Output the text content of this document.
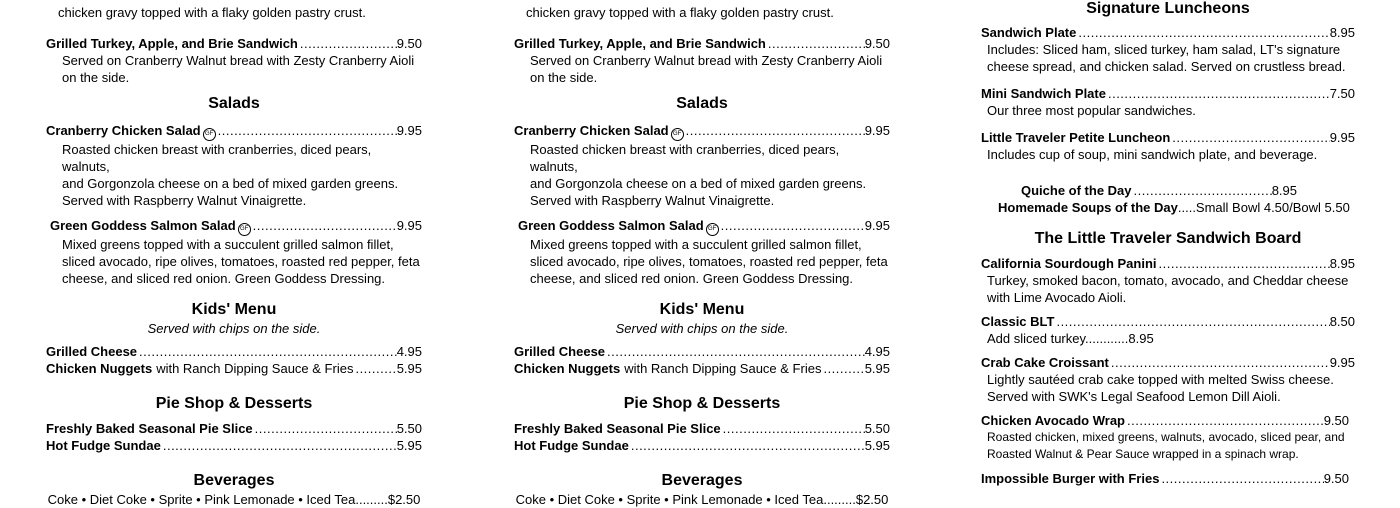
chicken gravy topped with a flaky golden pastry crust.
Grilled Turkey, Apple, and Brie Sandwich .....	9.50
Served on Cranberry Walnut bread with Zesty Cranberry Aioli
on the side.
Salads
Cranberry Chicken Salad GF .....	9.95
Roasted chicken breast with cranberries, diced pears, walnuts,
and Gorgonzola cheese on a bed of mixed garden greens.
Served with Raspberry Walnut Vinaigrette.
Green Goddess Salmon Salad GF .....	9.95
Mixed greens topped with a succulent grilled salmon fillet,
sliced avocado, ripe olives, tomatoes, roasted red pepper, feta
cheese, and sliced red onion. Green Goddess Dressing.
Kids' Menu
Served with chips on the side.
Grilled Cheese .....	4.95
Chicken Nuggets with Ranch Dipping Sauce & Fries .....	5.95
Pie Shop & Desserts
Freshly Baked Seasonal Pie Slice .....	5.50
Hot Fudge Sundae .....	5.95
Beverages
Coke • Diet Coke • Sprite • Pink Lemonade • Iced Tea.........$2.50
chicken gravy topped with a flaky golden pastry crust.
Grilled Turkey, Apple, and Brie Sandwich .....	9.50
Served on Cranberry Walnut bread with Zesty Cranberry Aioli
on the side.
Salads
Cranberry Chicken Salad GF .....	9.95
Roasted chicken breast with cranberries, diced pears, walnuts,
and Gorgonzola cheese on a bed of mixed garden greens.
Served with Raspberry Walnut Vinaigrette.
Green Goddess Salmon Salad GF .....	9.95
Mixed greens topped with a succulent grilled salmon fillet,
sliced avocado, ripe olives, tomatoes, roasted red pepper, feta
cheese, and sliced red onion. Green Goddess Dressing.
Kids' Menu
Served with chips on the side.
Grilled Cheese .....	4.95
Chicken Nuggets with Ranch Dipping Sauce & Fries .....	5.95
Pie Shop & Desserts
Freshly Baked Seasonal Pie Slice .....	5.50
Hot Fudge Sundae .....	5.95
Beverages
Coke • Diet Coke • Sprite • Pink Lemonade • Iced Tea.........$2.50
Signature Luncheons
Sandwich Plate .....	8.95
Includes: Sliced ham, sliced turkey, ham salad, LT's signature
cheese spread, and chicken salad. Served on crustless bread.
Mini Sandwich Plate .....	7.50
Our three most popular sandwiches.
Little Traveler Petite Luncheon .....	9.95
Includes cup of soup, mini sandwich plate, and beverage.
Quiche of the Day .....	8.95
Homemade Soups of the Day .....Small Bowl 4.50/Bowl 5.50
The Little Traveler Sandwich Board
California Sourdough Panini .....	8.95
Turkey, smoked bacon, tomato, avocado, and Cheddar cheese
with Lime Avocado Aioli.
Classic BLT .....	8.50
Add sliced turkey............8.95
Crab Cake Croissant .....	9.95
Lightly sautéed crab cake topped with melted Swiss cheese.
Served with SWK's Legal Seafood Lemon Dill Aioli.
Chicken Avocado Wrap .....	9.50
Roasted chicken, mixed greens, walnuts, avocado, sliced pear, and
Roasted Walnut & Pear Sauce wrapped in a spinach wrap.
Impossible Burger with Fries .....	9.50
